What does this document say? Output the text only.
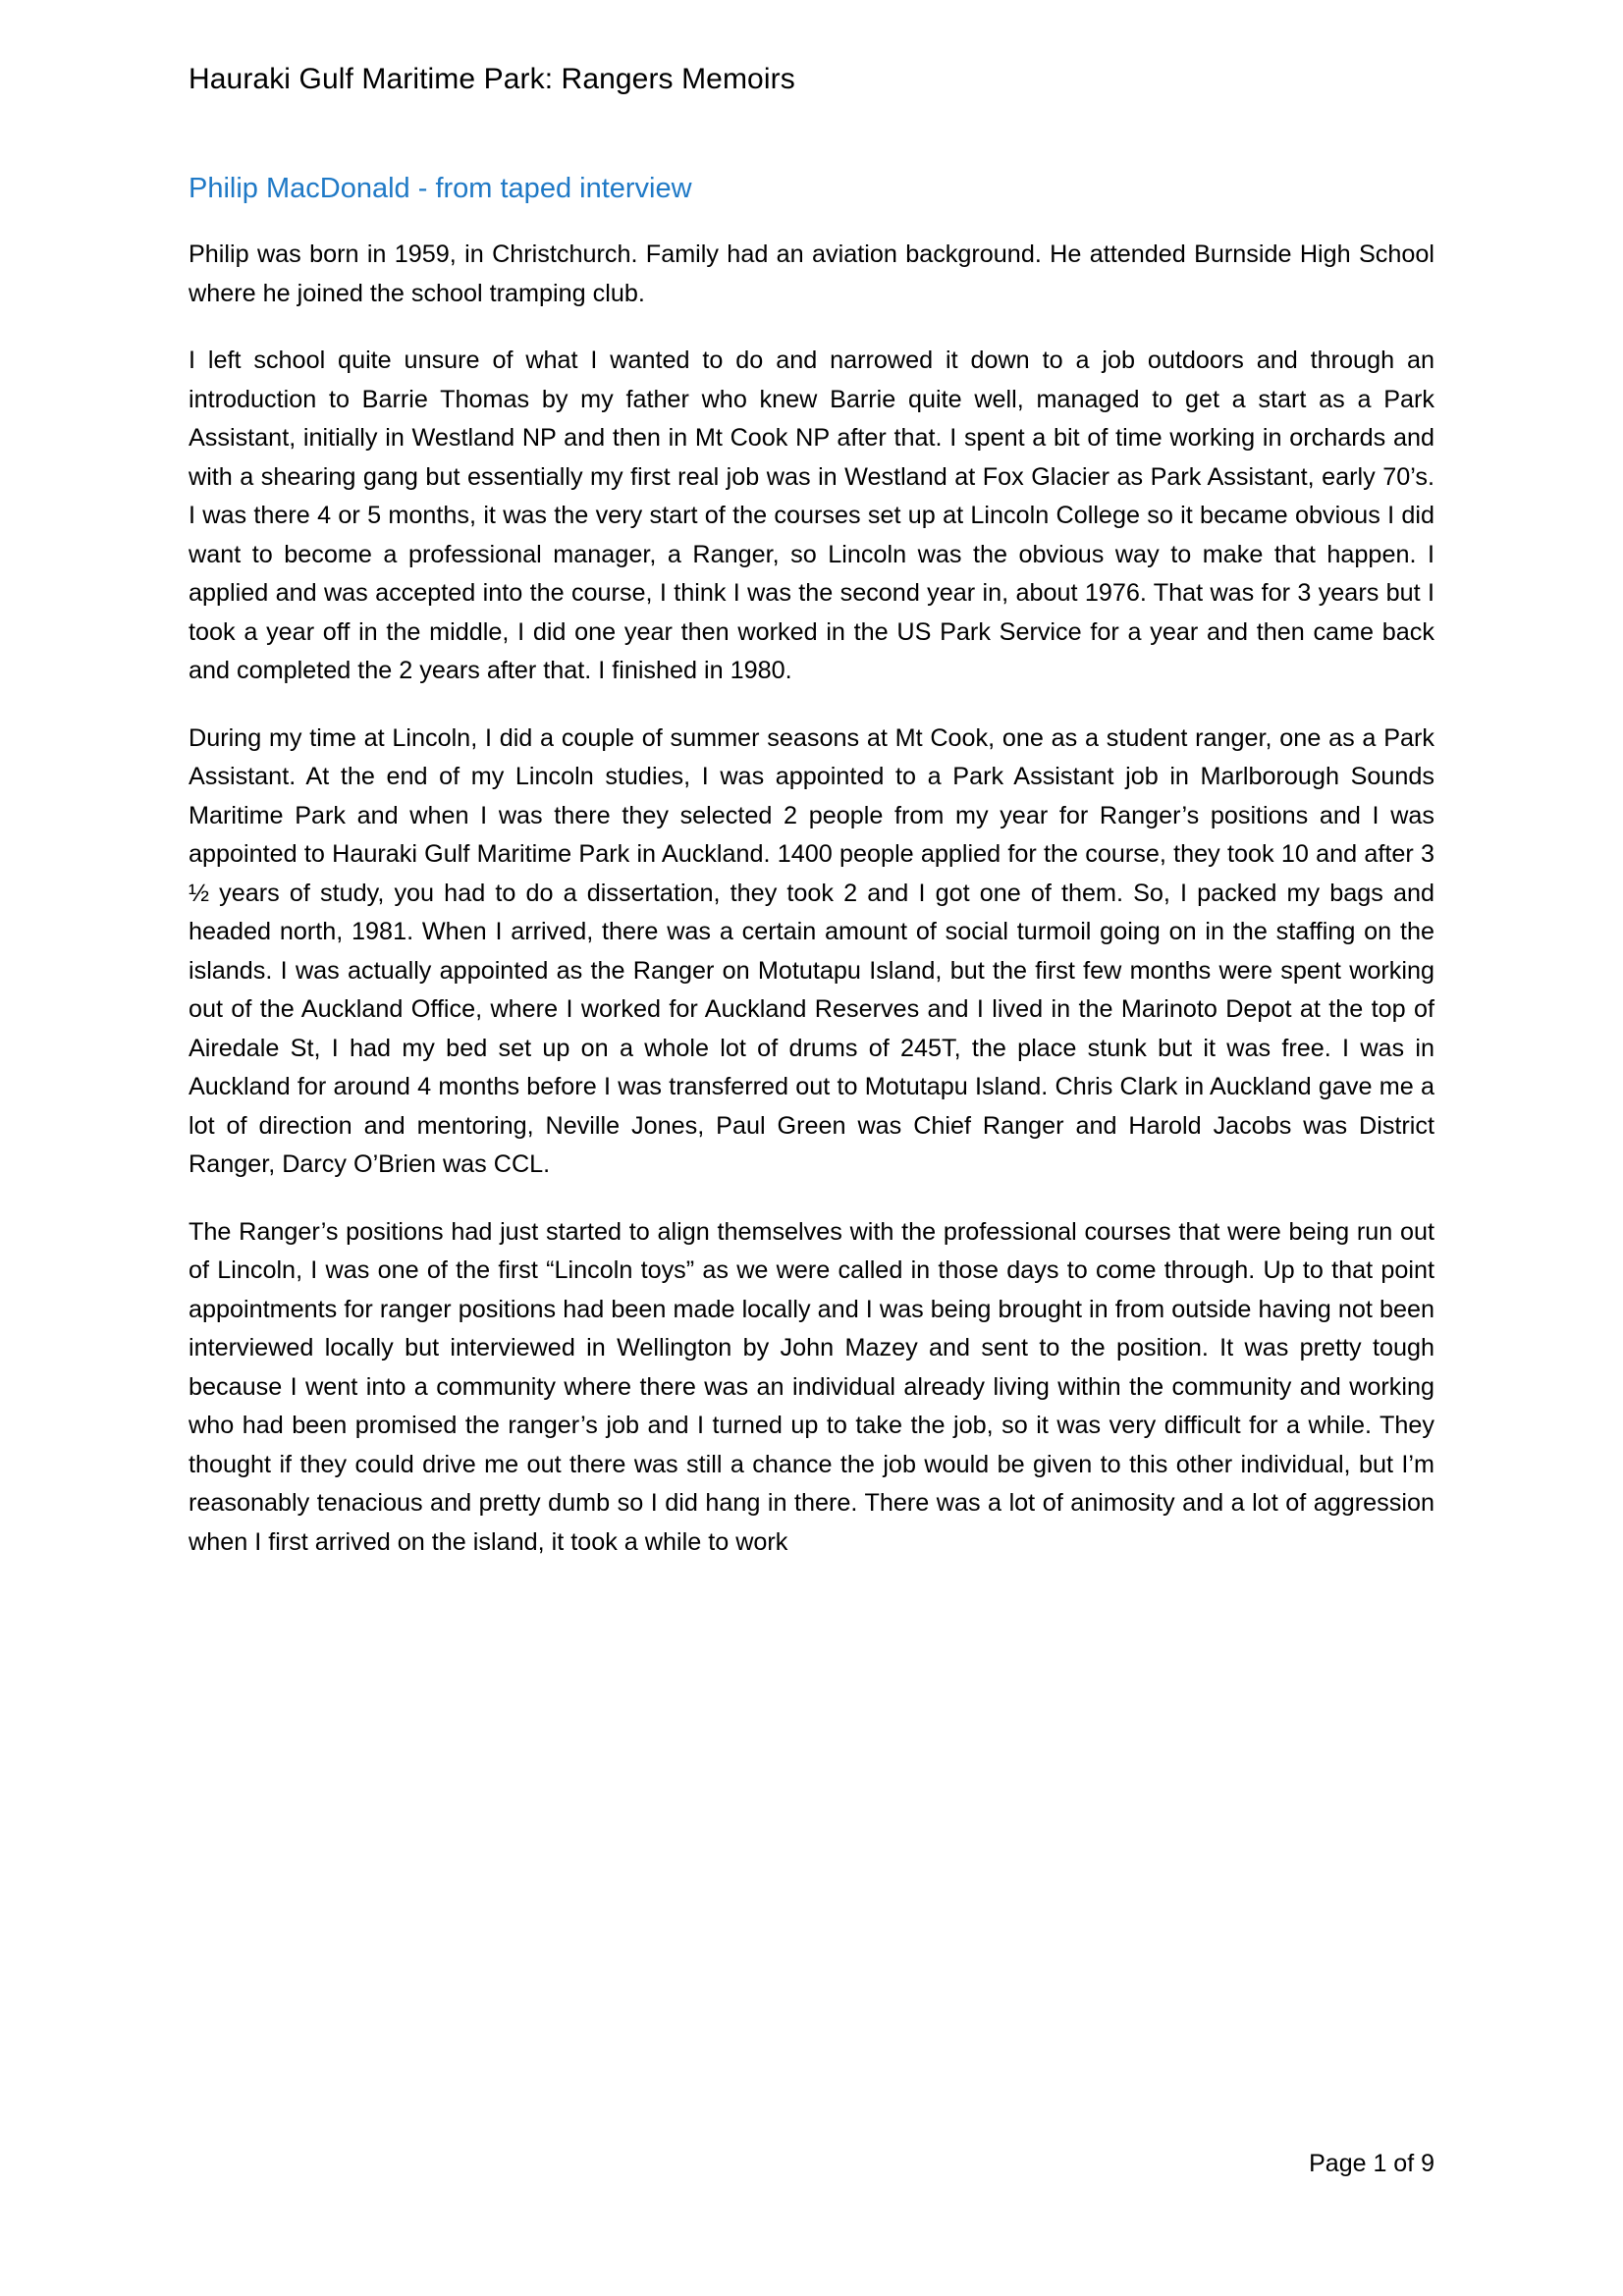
Hauraki Gulf Maritime Park: Rangers Memoirs
Philip MacDonald - from taped interview
Philip was born in 1959, in Christchurch. Family had an aviation background. He attended Burnside High School where he joined the school tramping club.
I left school quite unsure of what I wanted to do and narrowed it down to a job outdoors and through an introduction to Barrie Thomas by my father who knew Barrie quite well, managed to get a start as a Park Assistant, initially in Westland NP and then in Mt Cook NP after that. I spent a bit of time working in orchards and with a shearing gang but essentially my first real job was in Westland at Fox Glacier as Park Assistant, early 70’s. I was there 4 or 5 months, it was the very start of the courses set up at Lincoln College so it became obvious I did want to become a professional manager, a Ranger, so Lincoln was the obvious way to make that happen. I applied and was accepted into the course, I think I was the second year in, about 1976. That was for 3 years but I took a year off in the middle, I did one year then worked in the US Park Service for a year and then came back and completed the 2 years after that. I finished in 1980.
During my time at Lincoln, I did a couple of summer seasons at Mt Cook, one as a student ranger, one as a Park Assistant. At the end of my Lincoln studies, I was appointed to a Park Assistant job in Marlborough Sounds Maritime Park and when I was there they selected 2 people from my year for Ranger’s positions and I was appointed to Hauraki Gulf Maritime Park in Auckland. 1400 people applied for the course, they took 10 and after 3 ½ years of study, you had to do a dissertation, they took 2 and I got one of them. So, I packed my bags and headed north, 1981. When I arrived, there was a certain amount of social turmoil going on in the staffing on the islands. I was actually appointed as the Ranger on Motutapu Island, but the first few months were spent working out of the Auckland Office, where I worked for Auckland Reserves and I lived in the Marinoto Depot at the top of Airedale St, I had my bed set up on a whole lot of drums of 245T, the place stunk but it was free. I was in Auckland for around 4 months before I was transferred out to Motutapu Island. Chris Clark in Auckland gave me a lot of direction and mentoring, Neville Jones, Paul Green was Chief Ranger and Harold Jacobs was District Ranger, Darcy O’Brien was CCL.
The Ranger’s positions had just started to align themselves with the professional courses that were being run out of Lincoln, I was one of the first “Lincoln toys” as we were called in those days to come through. Up to that point appointments for ranger positions had been made locally and I was being brought in from outside having not been interviewed locally but interviewed in Wellington by John Mazey and sent to the position. It was pretty tough because I went into a community where there was an individual already living within the community and working who had been promised the ranger’s job and I turned up to take the job, so it was very difficult for a while. They thought if they could drive me out there was still a chance the job would be given to this other individual, but I’m reasonably tenacious and pretty dumb so I did hang in there. There was a lot of animosity and a lot of aggression when I first arrived on the island, it took a while to work
Page 1 of 9
